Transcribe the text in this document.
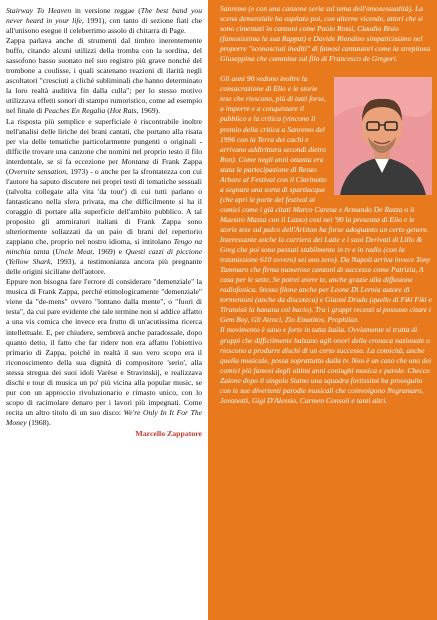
Stairway To Heaven in versione reggae (The best band you never heard in your life, 1991), con tanto di sezione fiati che all'unisono esegue il celeberrimo assolo di chitarra di Page.

Zappa parlava anche di strumenti dal timbro inerentemente buffo, citando alcuni utilizzi della tromba con la sordina, del sassofono basso suonato nel suo registro più grave nonché del trombone a coulisse, i quali scatenano reazioni di ilarità negli ascoltatori "cresciuti a cliché subliminali che hanno determinato la loro realtà auditiva fin dalla culla"; per lo stesso motivo utilizzava effetti sonori di stampo rumoristico, come ad esempio nel finale di Peaches En Regalia (Hot Rats, 1969).

La risposta più semplice e superficiale è riscontrabile inoltre nell'analisi delle liriche dei brani cantati, che portano alla risata per via delle tematiche particolarmente pungenti o originali - difficile trovare una canzone che nomini nel proprio testo il filo interdentale, se si fa eccezione per Montana di Frank Zappa (Overnite sensation, 1973) - o anche per la sfrontatezza con cui l'autore ha saputo discutere nei propri testi di tematiche sessuali (talvolta collegate alla vita 'da tour') di cui tutti parlano o fantasticano nella sfera privata, ma che difficilmente si ha il coraggio di portare alla superficie dell'ambito pubblico. A tal proposito gli ammiratori italiani di Frank Zappa sono ulteriormente sollazzati da un paio di brani del repertorio zappiano che, proprio nel nostro idioma, si intitolano Tengo na minchia tanta (Uncle Meat, 1969) e Questi cazzi di piccione (Yellow Shark, 1993), a testimonianza ancora più pregnante delle origini siciliane dell'autore.

Eppure non bisogna fare l'errore di considerare "demenziale" la musica di Frank Zappa, perché etimologicamente "demenziale" viene da "de-mens" ovvero "lontano dalla mente", o "fuori di testa", da cui pare evidente che tale termine non si addice affatto a una vis comica che invece era frutto di un'acutissima ricerca intellettuale. E, per chiudere, sembrerà anche paradossale, dopo quanto detto, il fatto che far ridere non era affatto l'obiettivo primario di Zappa, poiché in realtà il suo vero scopo era il riconoscimento della sua dignità di compositore 'serio', alla stessa stregua dei suoi idoli Varèse e Stravinskij, e realizzava dischi e tour di musica un po' più vicina alla popular music, se pur con un approccio rivoluzionario e rimasto unico, con lo scopo di racimolare denaro per i lavori più impegnati. Come recita un altro titolo di un suo disco: We're Only In It For The Money (1968).

Marcello Zappatore

Sanremo (e con una canzone seria sul tema dell'omosessualità). La scena demenziale ha ospitato poi, con alterne vicende, attori che si sono cimentati in canzoni come Paolo Rossi, Claudio Bisio (famosissima la sua Rappat) e Davide Riondino simpaticissimo nel proporre "sconosciuti inediti" di famosi cantautori come la strepitosa Giuseppina che cammina sul filo di Francesco de Gregori.

Gli anni 90 vedono inoltre la consacrazione di Elio e le storie tese che riescono, più di tutti forse, a imporre e a conquistare il pubblico e la critica (vincono il premio della critica a Sanremo del 1996 con la Terra dei cachi e arrivano addirittura secondi dietro Ron). Come negli anni ottanta era stata le partecipazione di Renzo Arbore al Festival con il Clarinetto a segnare una sorta di spartiacque (che aprì le porte del festival ai comici come i già citati Marco Carena e Armando De Razza o il Maestro Mazza con il Lazzo) così nei '90 la presenza di Elio e le storie tese sul palco dell'Ariston ha forse adoguanto un certo genere. Interessante anche la carriera dei Latte e i suoi Derivati di Lillo & Greg che poi sono passati stabilmente in tv e in radio (con la trasmissione 610 ovvero) sei uno zero). Da Napoli arriva invece Tony Tammaro che firma numerose canzoni di successo come Patrizia, A casa per le sette, Se potrei avere te, anche grazie alla diffusione radiofonica. Stesso filone anche per Leone Di Lernia autore di tormentoni (anche da discoteca) e Gianni Drudu (quello di Fiki Fiki e Tiramisù la banana col bacio). Tra i gruppi recenti si possono citare i Gem Boy, Gli Atroci, Zio Ematitos, Prophilax.

Il movimento è sano e forte in tutta Italia. Ovviamente si tratta di gruppi che difficilmente balzano agli onori della cronaca nazionale o riescono a produrre dischi di un certo successo. La comicità, anche quella musicale, possa soprattutto dalla tv. Non è un caso che uno dei comici più famosi degli ultimi anni coniughi musica e parole. Checco Zalone dopo il singolo Siamo una squadra fortissimi ha proseguito con le sue divertenti parodie musicali che coinvolgono Negramaro, Jovanotti, Gigi D'Alessio, Carmen Consoli e tanti altri.
